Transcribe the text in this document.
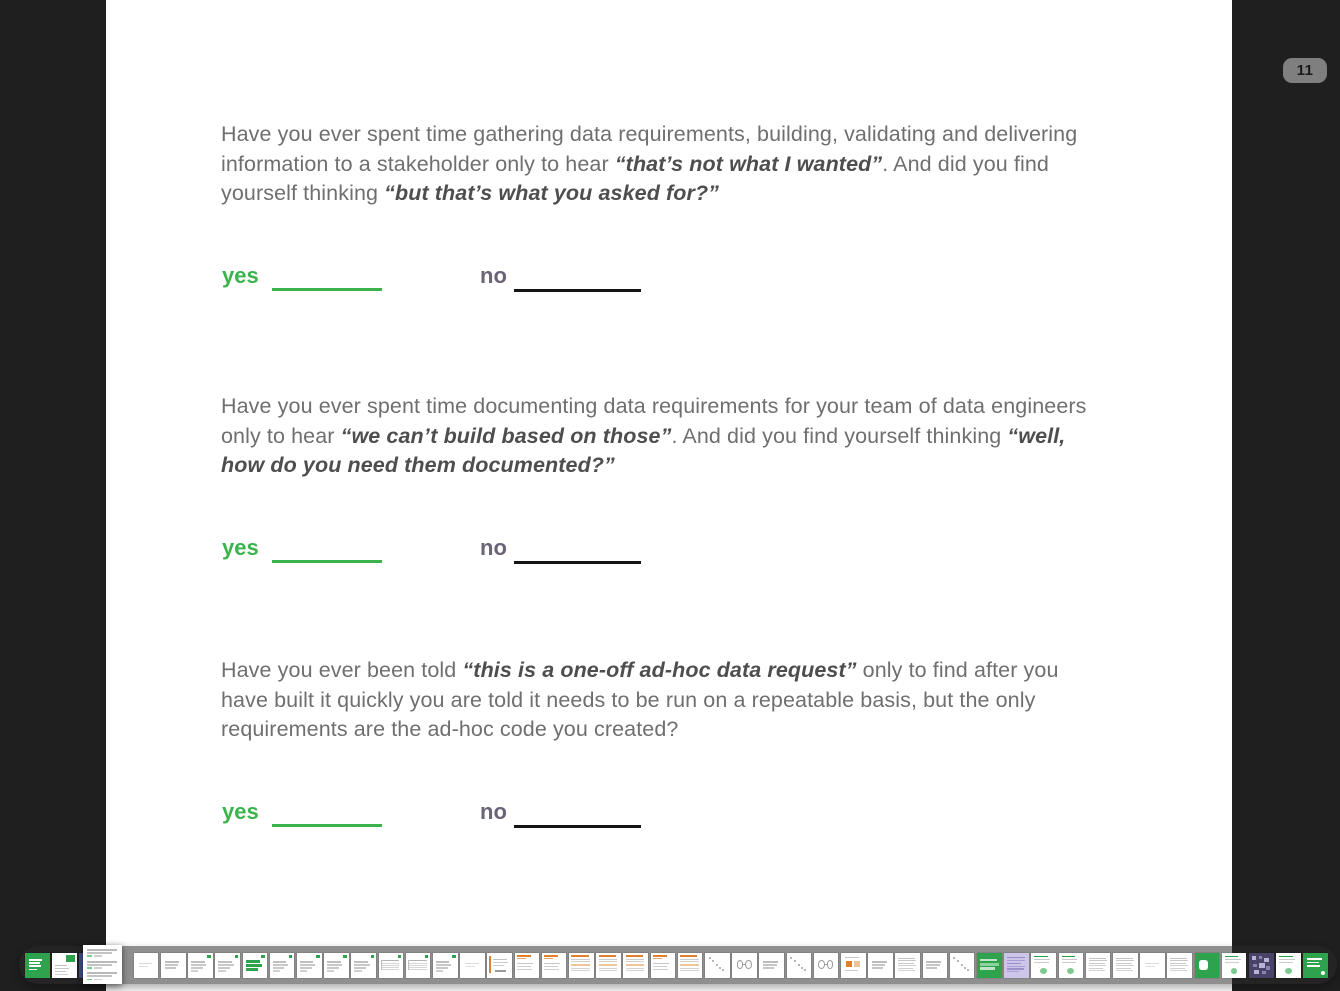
Have you ever spent time gathering data requirements, building, validating and delivering information to a stakeholder only to hear “that’s not what I wanted”. And did you find yourself thinking “but that’s what you asked for?”

yes	no

Have you ever spent time documenting data requirements for your team of data engineers only to hear “we can’t build based on those”. And did you find yourself thinking “well, how do you need them documented?”

yes	no

Have you ever been told “this is a one-off ad-hoc data request” only to find after you have built it quickly you are told it needs to be run on a repeatable basis, but the only requirements are the ad-hoc code you created?

yes	no
11
